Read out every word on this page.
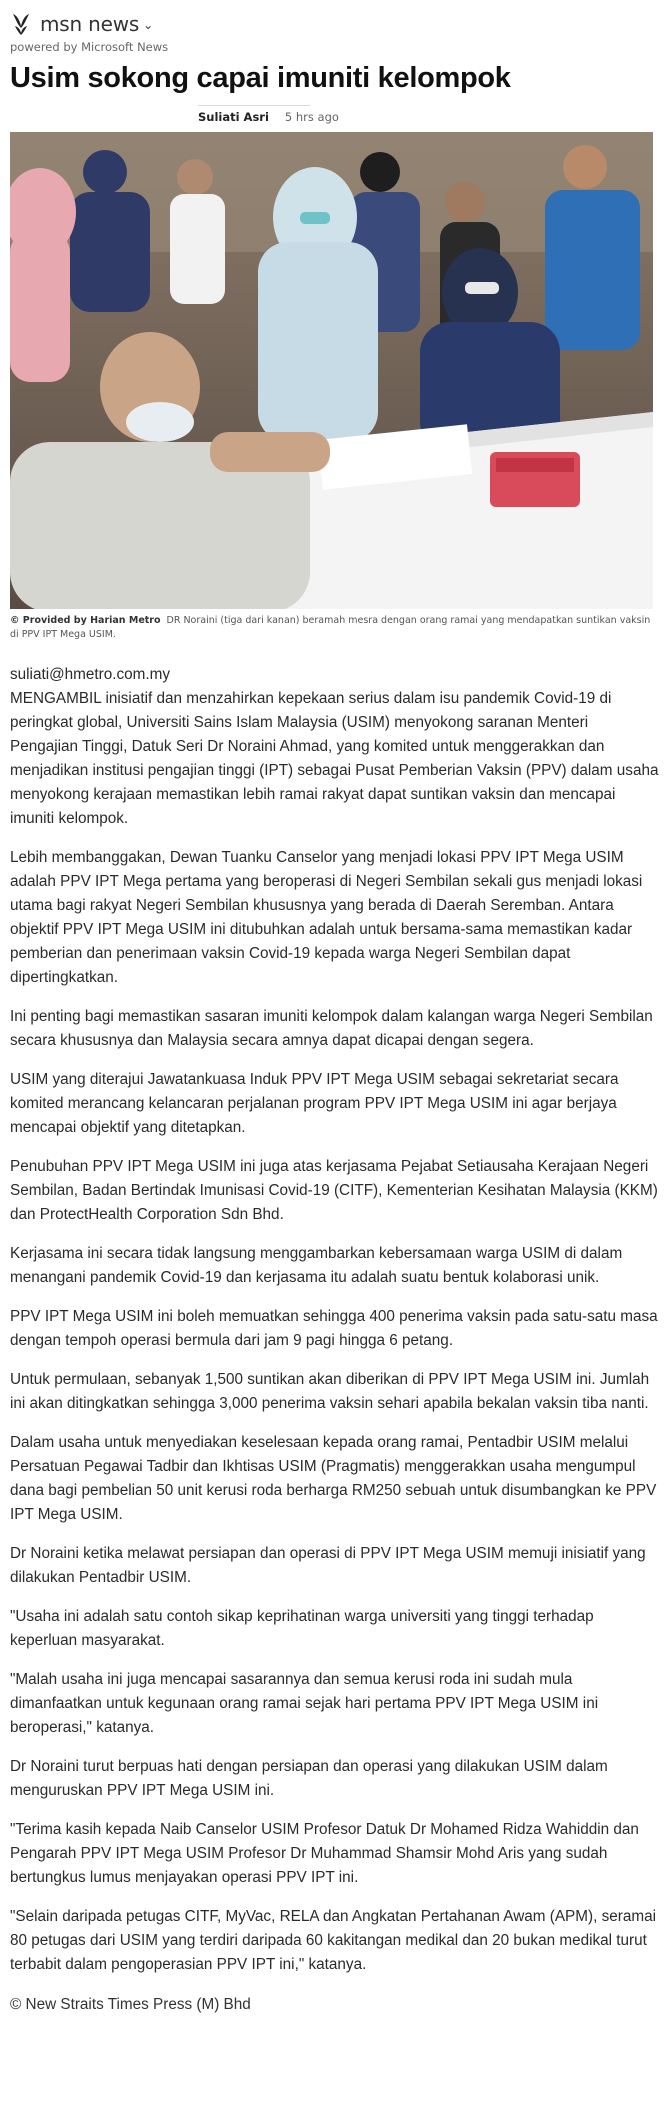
msn news ⌄
powered by Microsoft News
Usim sokong capai imuniti kelompok
Suliati Asri 5 hrs ago
© Provided by Harian Metro DR Noraini (tiga dari kanan) beramah mesra dengan orang ramai yang mendapatkan suntikan vaksin di PPV IPT Mega USIM.

suliati@hmetro.com.my

MENGAMBIL inisiatif dan menzahirkan kepekaan serius dalam isu pandemik Covid-19 di peringkat global, Universiti Sains Islam Malaysia (USIM) menyokong saranan Menteri Pengajian Tinggi, Datuk Seri Dr Noraini Ahmad, yang komited untuk menggerakkan dan menjadikan institusi pengajian tinggi (IPT) sebagai Pusat Pemberian Vaksin (PPV) dalam usaha menyokong kerajaan memastikan lebih ramai rakyat dapat suntikan vaksin dan mencapai imuniti kelompok.

Lebih membanggakan, Dewan Tuanku Canselor yang menjadi lokasi PPV IPT Mega USIM adalah PPV IPT Mega pertama yang beroperasi di Negeri Sembilan sekali gus menjadi lokasi utama bagi rakyat Negeri Sembilan khususnya yang berada di Daerah Seremban. Antara objektif PPV IPT Mega USIM ini ditubuhkan adalah untuk bersama-sama memastikan kadar pemberian dan penerimaan vaksin Covid-19 kepada warga Negeri Sembilan dapat dipertingkatkan.

Ini penting bagi memastikan sasaran imuniti kelompok dalam kalangan warga Negeri Sembilan secara khususnya dan Malaysia secara amnya dapat dicapai dengan segera.

USIM yang diterajui Jawatankuasa Induk PPV IPT Mega USIM sebagai sekretariat secara komited merancang kelancaran perjalanan program PPV IPT Mega USIM ini agar berjaya mencapai objektif yang ditetapkan.

Penubuhan PPV IPT Mega USIM ini juga atas kerjasama Pejabat Setiausaha Kerajaan Negeri Sembilan, Badan Bertindak Imunisasi Covid-19 (CITF), Kementerian Kesihatan Malaysia (KKM) dan ProtectHealth Corporation Sdn Bhd.

Kerjasama ini secara tidak langsung menggambarkan kebersamaan warga USIM di dalam menangani pandemik Covid-19 dan kerjasama itu adalah suatu bentuk kolaborasi unik.

PPV IPT Mega USIM ini boleh memuatkan sehingga 400 penerima vaksin pada satu-satu masa dengan tempoh operasi bermula dari jam 9 pagi hingga 6 petang.

Untuk permulaan, sebanyak 1,500 suntikan akan diberikan di PPV IPT Mega USIM ini. Jumlah ini akan ditingkatkan sehingga 3,000 penerima vaksin sehari apabila bekalan vaksin tiba nanti.

Dalam usaha untuk menyediakan keselesaan kepada orang ramai, Pentadbir USIM melalui Persatuan Pegawai Tadbir dan Ikhtisas USIM (Pragmatis) menggerakkan usaha mengumpul dana bagi pembelian 50 unit kerusi roda berharga RM250 sebuah untuk disumbangkan ke PPV IPT Mega USIM.

Dr Noraini ketika melawat persiapan dan operasi di PPV IPT Mega USIM memuji inisiatif yang dilakukan Pentadbir USIM.

"Usaha ini adalah satu contoh sikap keprihatinan warga universiti yang tinggi terhadap keperluan masyarakat.

"Malah usaha ini juga mencapai sasarannya dan semua kerusi roda ini sudah mula dimanfaatkan untuk kegunaan orang ramai sejak hari pertama PPV IPT Mega USIM ini beroperasi," katanya.

Dr Noraini turut berpuas hati dengan persiapan dan operasi yang dilakukan USIM dalam menguruskan PPV IPT Mega USIM ini.

"Terima kasih kepada Naib Canselor USIM Profesor Datuk Dr Mohamed Ridza Wahiddin dan Pengarah PPV IPT Mega USIM Profesor Dr Muhammad Shamsir Mohd Aris yang sudah bertungkus lumus menjayakan operasi PPV IPT ini.

"Selain daripada petugas CITF, MyVac, RELA dan Angkatan Pertahanan Awam (APM), seramai 80 petugas dari USIM yang terdiri daripada 60 kakitangan medikal dan 20 bukan medikal turut terbabit dalam pengoperasian PPV IPT ini," katanya.

© New Straits Times Press (M) Bhd
